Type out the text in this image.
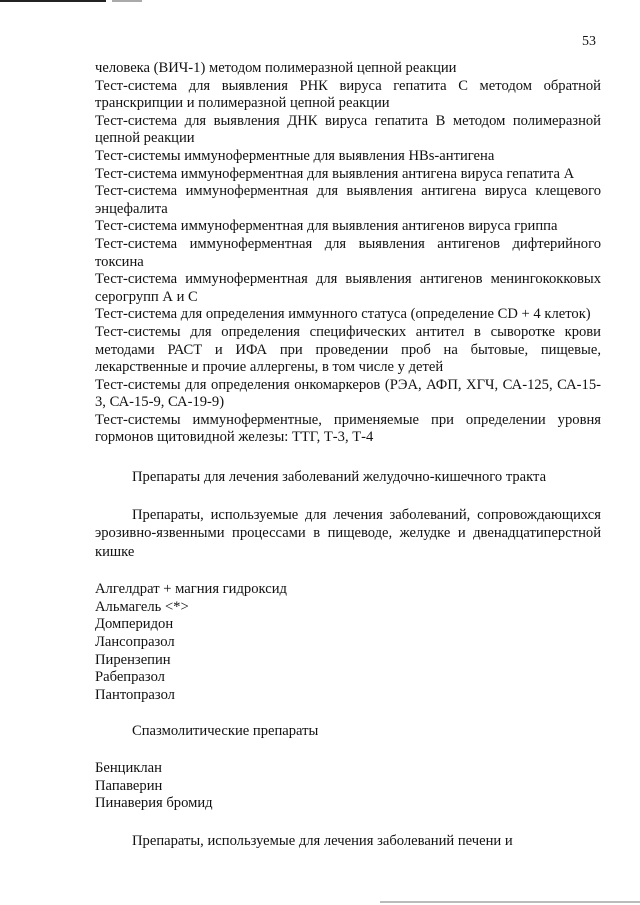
53

человека (ВИЧ-1) методом полимеразной цепной реакции

Тест-система для выявления РНК вируса гепатита С методом обратной транскрипции и полимеразной цепной реакции

Тест-система для выявления ДНК вируса гепатита В методом полимеразной цепной реакции

Тест-системы иммуноферментные для выявления HBs-антигена

Тест-система иммуноферментная для выявления антигена вируса гепатита А

Тест-система иммуноферментная для выявления антигена вируса клещевого энцефалита

Тест-система иммуноферментная для выявления антигенов вируса гриппа

Тест-система иммуноферментная для выявления антигенов дифтерийного токсина

Тест-система иммуноферментная для выявления антигенов менингококковых серогрупп А и С

Тест-система для определения иммунного статуса (определение CD + 4 клеток)

Тест-системы для определения специфических антител в сыворотке крови методами РАСТ и ИФА при проведении проб на бытовые, пищевые, лекарственные и прочие аллергены, в том числе у детей

Тест-системы для определения онкомаркеров (РЭА, АФП, ХГЧ, СА-125, СА-15-3, СА-15-9, СА-19-9)

Тест-системы иммуноферментные, применяемые при определении уровня гормонов щитовидной железы: ТТГ, Т-3, Т-4

Препараты для лечения заболеваний желудочно-кишечного тракта

Препараты, используемые для лечения заболеваний, сопровождающихся эрозивно-язвенными процессами в пищеводе, желудке и двенадцатиперстной кишке

Алгелдрат + магния гидроксид

Альмагель <*>

Домперидон

Лансопразол

Пирензепин

Рабепразол

Пантопразол

Спазмолитические препараты

Бенциклан

Папаверин

Пинаверия бромид

Препараты, используемые для лечения заболеваний печени и
